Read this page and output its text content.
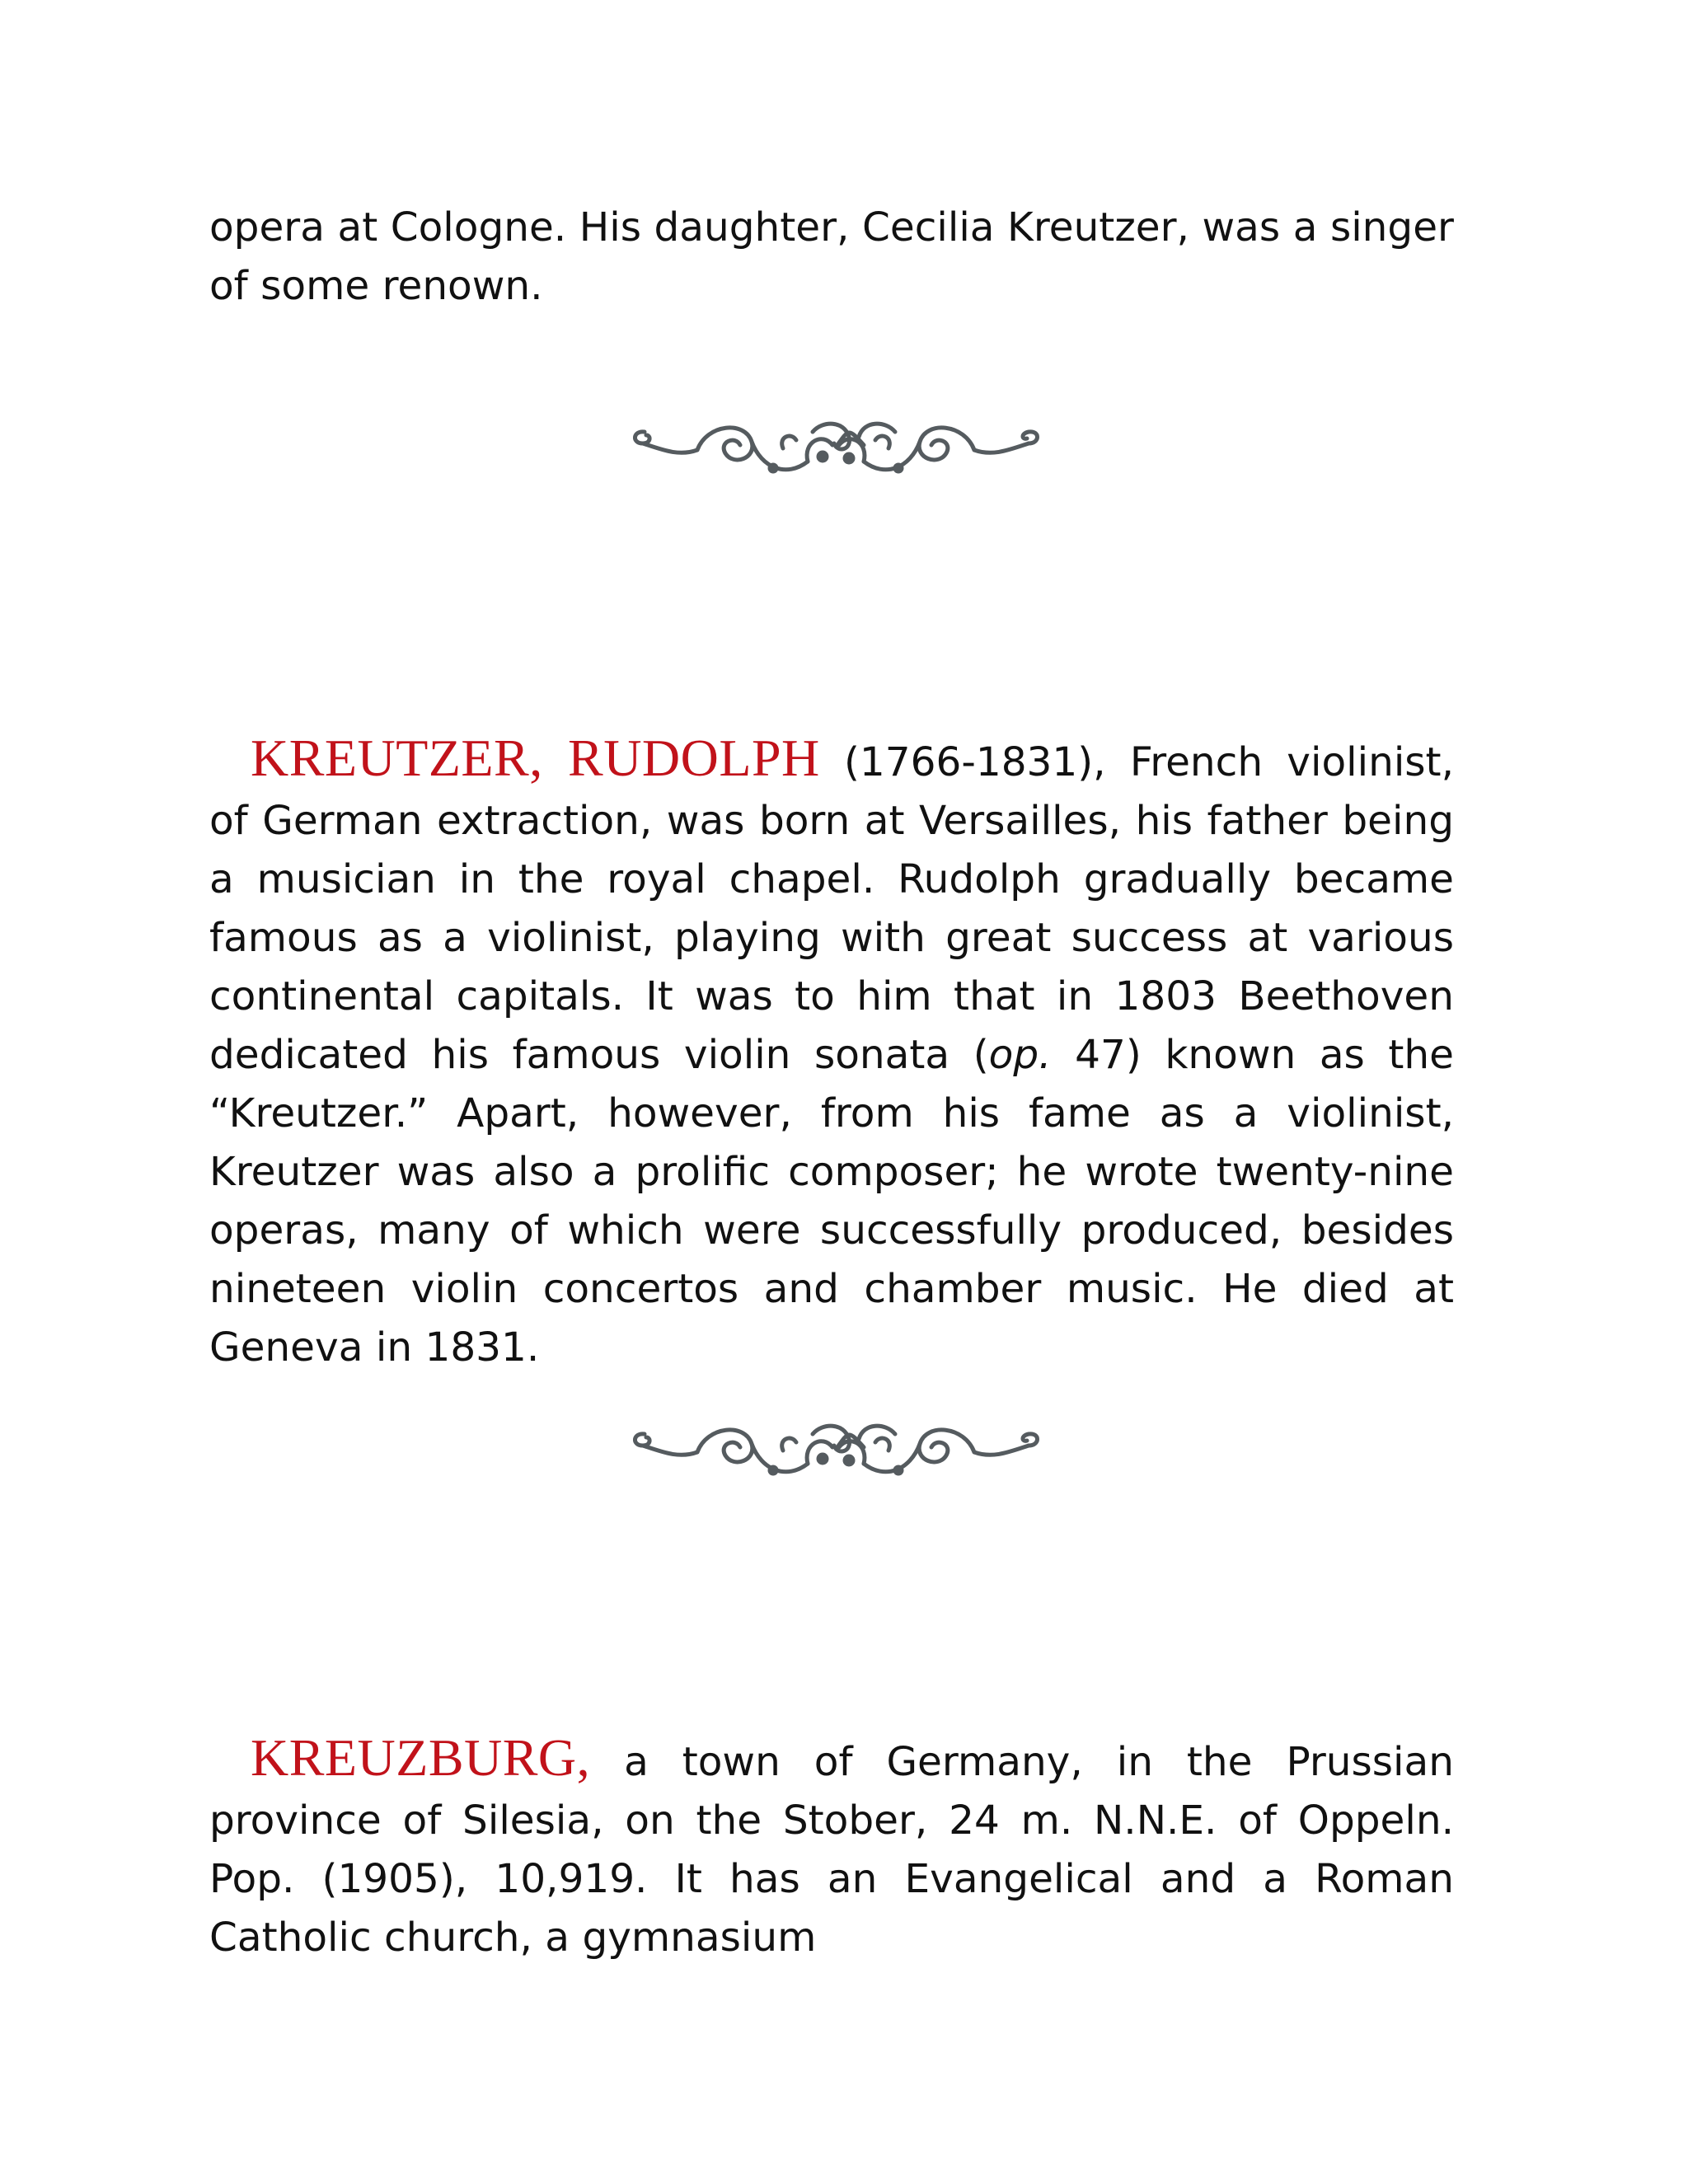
opera at Cologne. His daughter, Cecilia Kreutzer, was a singer of some renown.

KREUTZER, RUDOLPH (1766-1831), French violinist, of German extraction, was born at Versailles, his father being a musician in the royal chapel. Rudolph gradually became famous as a violinist, playing with great success at various continental capitals. It was to him that in 1803 Beethoven dedicated his famous violin sonata (op. 47) known as the “Kreutzer.” Apart, however, from his fame as a violinist, Kreutzer was also a prolific composer; he wrote twenty-nine operas, many of which were successfully produced, besides nineteen violin concertos and chamber music. He died at Geneva in 1831.

KREUZBURG, a town of Germany, in the Prussian province of Silesia, on the Stober, 24 m. N.N.E. of Oppeln. Pop. (1905), 10,919. It has an Evangelical and a Roman Catholic church, a gymnasium
